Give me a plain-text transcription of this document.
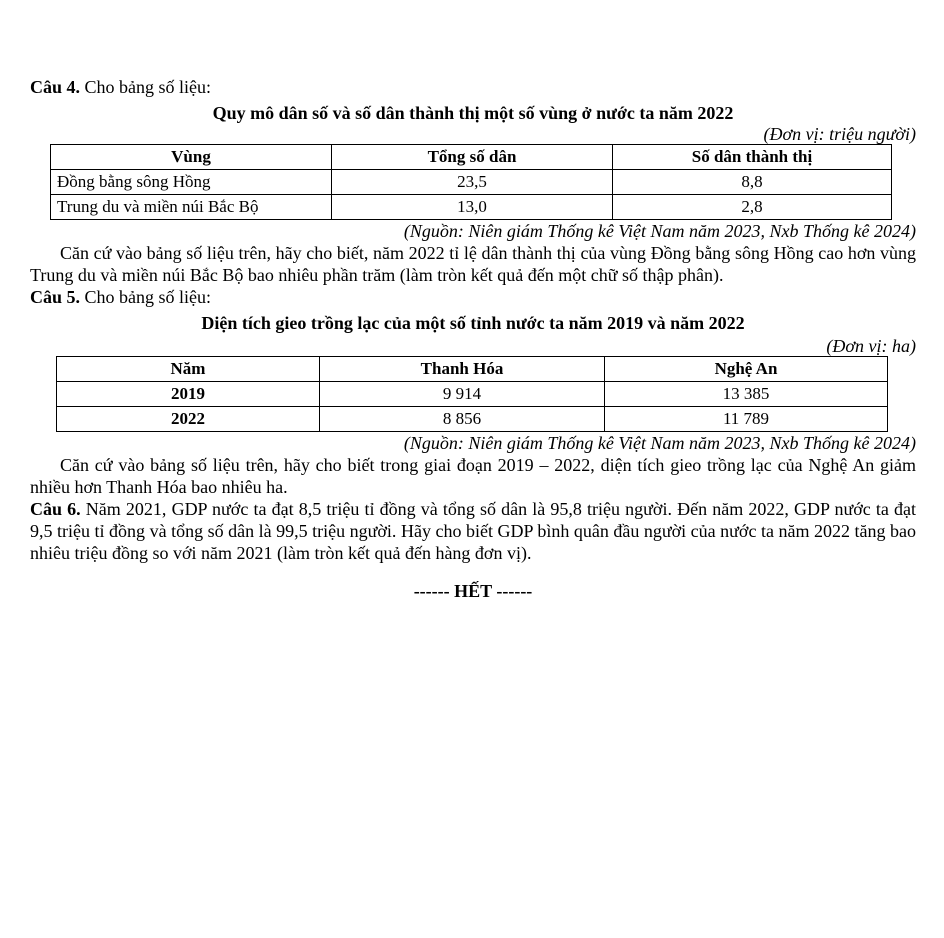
Câu 4. Cho bảng số liệu:

Quy mô dân số và số dân thành thị một số vùng ở nước ta năm 2022

(Đơn vị: triệu người)

Vùng	Tổng số dân	Số dân thành thị
Đồng bằng sông Hồng	23,5	8,8
Trung du và miền núi Bắc Bộ	13,0	2,8

(Nguồn: Niên giám Thống kê Việt Nam năm 2023, Nxb Thống kê 2024)

Căn cứ vào bảng số liệu trên, hãy cho biết, năm 2022 tỉ lệ dân thành thị của vùng Đồng bằng sông Hồng cao hơn vùng Trung du và miền núi Bắc Bộ bao nhiêu phần trăm (làm tròn kết quả đến một chữ số thập phân).

Câu 5. Cho bảng số liệu:

Diện tích gieo trồng lạc của một số tỉnh nước ta năm 2019 và năm 2022

(Đơn vị: ha)

Năm	Thanh Hóa	Nghệ An
2019	9 914	13 385
2022	8 856	11 789

(Nguồn: Niên giám Thống kê Việt Nam năm 2023, Nxb Thống kê 2024)

Căn cứ vào bảng số liệu trên, hãy cho biết trong giai đoạn 2019 – 2022, diện tích gieo trồng lạc của Nghệ An giảm nhiều hơn Thanh Hóa bao nhiêu ha.

Câu 6. Năm 2021, GDP nước ta đạt 8,5 triệu tỉ đồng và tổng số dân là 95,8 triệu người. Đến năm 2022, GDP nước ta đạt 9,5 triệu tỉ đồng và tổng số dân là 99,5 triệu người. Hãy cho biết GDP bình quân đầu người của nước ta năm 2022 tăng bao nhiêu triệu đồng so với năm 2021 (làm tròn kết quả đến hàng đơn vị).

------ HẾT ------
